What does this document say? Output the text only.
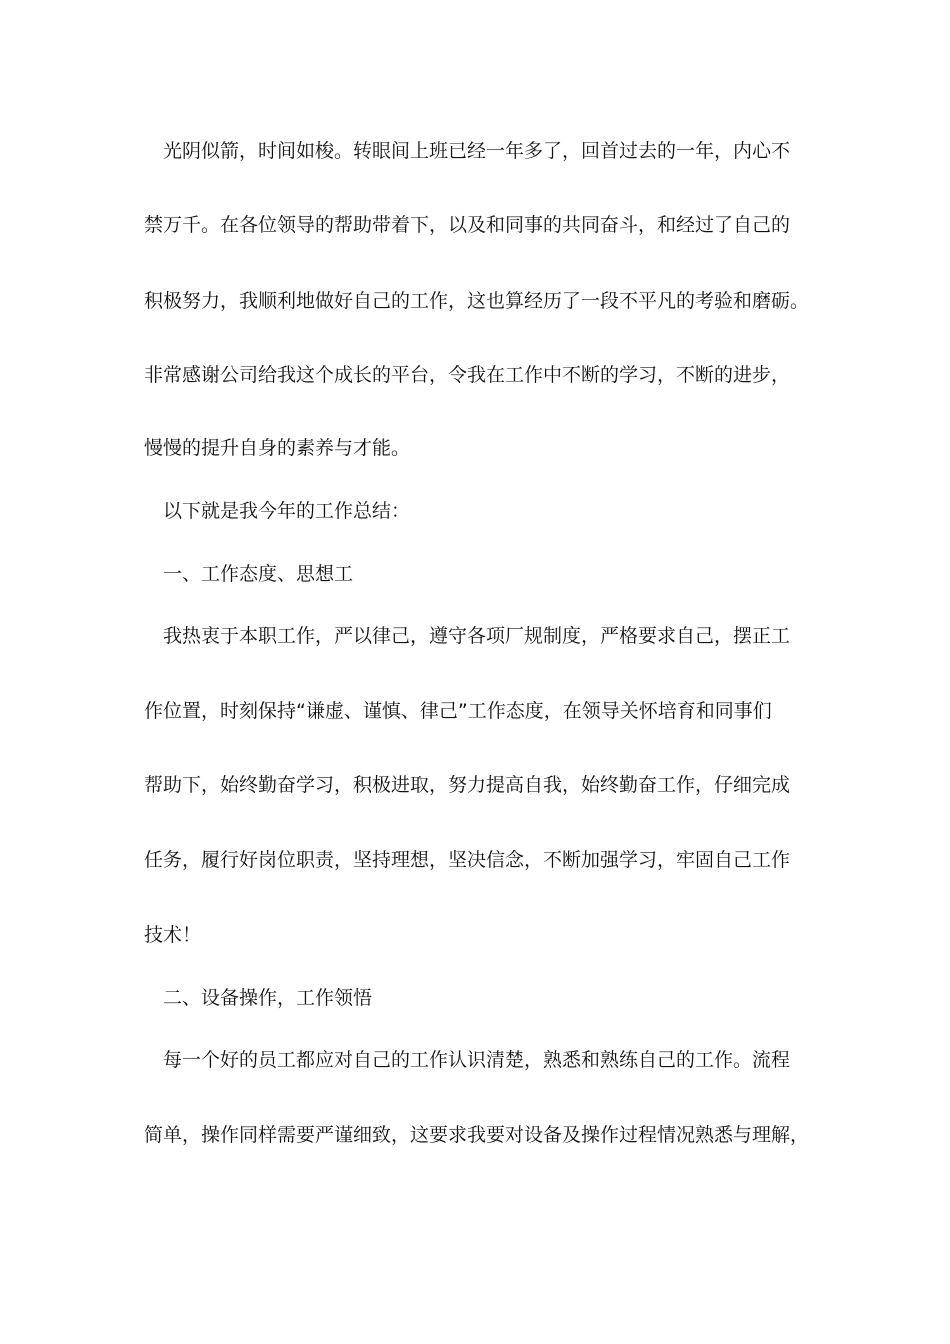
光阴似箭，时间如梭。转眼间上班已经一年多了，回首过去的一年，内心不
禁万千。在各位领导的帮助带着下，以及和同事的共同奋斗，和经过了自己的
积极努力，我顺利地做好自己的工作，这也算经历了一段不平凡的考验和磨砺。
非常感谢公司给我这个成长的平台，令我在工作中不断的学习，不断的进步，
慢慢的提升自身的素养与才能。
以下就是我今年的工作总结：
一、工作态度、思想工
我热衷于本职工作，严以律己，遵守各项厂规制度，严格要求自己，摆正工
作位置，时刻保持“谦虚、谨慎、律己”工作态度，在领导关怀培育和同事们
帮助下，始终勤奋学习，积极进取，努力提高自我，始终勤奋工作，仔细完成
任务，履行好岗位职责，坚持理想，坚决信念，不断加强学习，牢固自己工作
技术！
二、设备操作，工作领悟
每一个好的员工都应对自己的工作认识清楚，熟悉和熟练自己的工作。流程
简单，操作同样需要严谨细致，这要求我要对设备及操作过程情况熟悉与理解，
